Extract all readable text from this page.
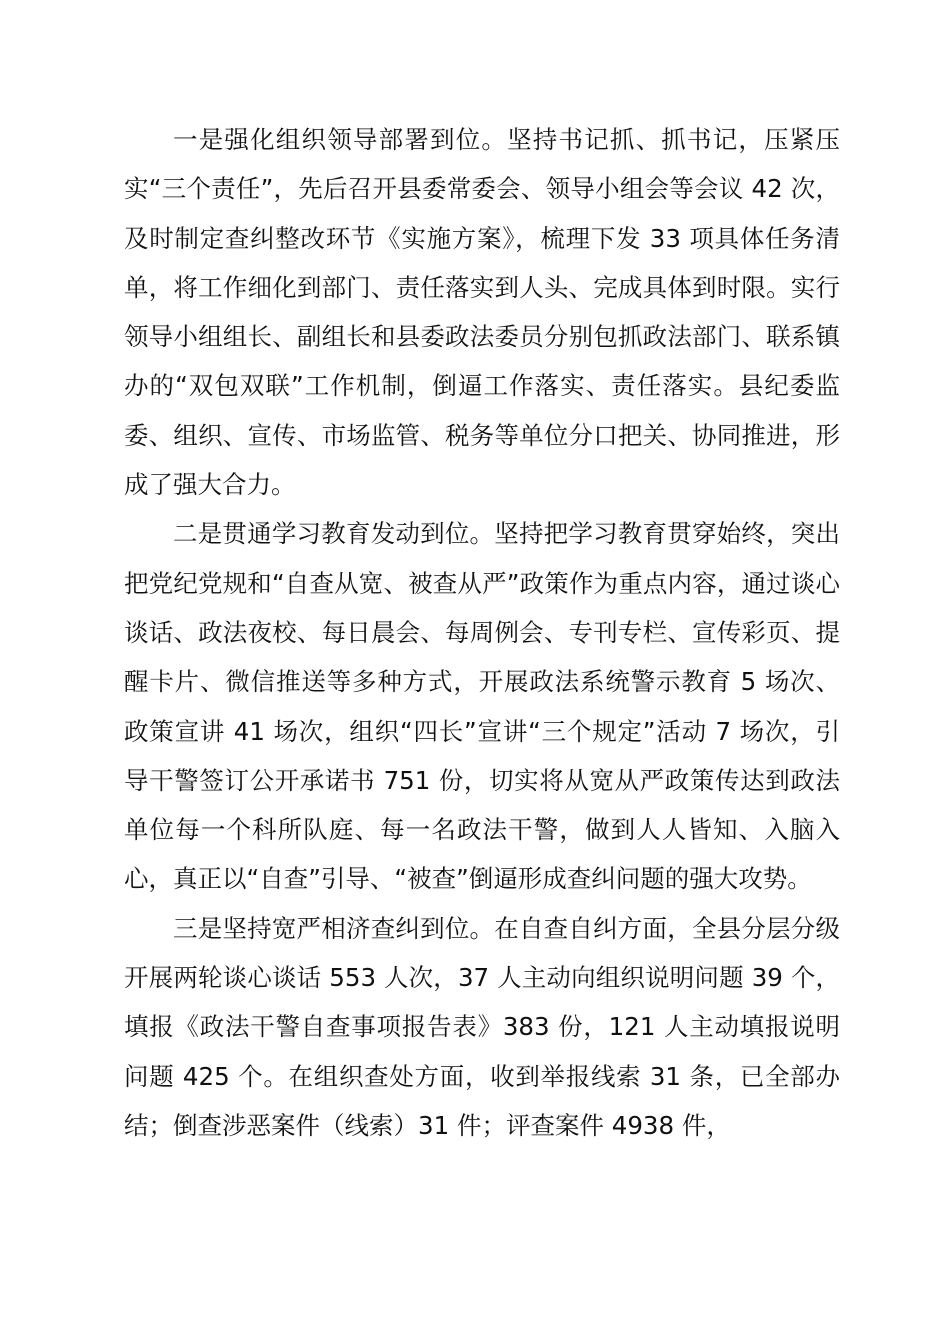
一是强化组织领导部署到位。坚持书记抓、抓书记，压紧压实“三个责任”，先后召开县委常委会、领导小组会等会议 42 次，及时制定查纠整改环节《实施方案》，梳理下发 33 项具体任务清单，将工作细化到部门、责任落实到人头、完成具体到时限。实行领导小组组长、副组长和县委政法委员分别包抓政法部门、联系镇办的“双包双联”工作机制，倒逼工作落实、责任落实。县纪委监委、组织、宣传、市场监管、税务等单位分口把关、协同推进，形成了强大合力。

二是贯通学习教育发动到位。坚持把学习教育贯穿始终，突出把党纪党规和“自查从宽、被查从严”政策作为重点内容，通过谈心谈话、政法夜校、每日晨会、每周例会、专刊专栏、宣传彩页、提醒卡片、微信推送等多种方式，开展政法系统警示教育 5 场次、政策宣讲 41 场次，组织“四长”宣讲“三个规定”活动 7 场次，引导干警签订公开承诺书 751 份，切实将从宽从严政策传达到政法单位每一个科所队庭、每一名政法干警，做到人人皆知、入脑入心，真正以“自查”引导、“被查”倒逼形成查纠问题的强大攻势。

三是坚持宽严相济查纠到位。在自查自纠方面，全县分层分级开展两轮谈心谈话 553 人次，37 人主动向组织说明问题 39 个，填报《政法干警自查事项报告表》383 份，121 人主动填报说明问题 425 个。在组织查处方面，收到举报线索 31 条，已全部办结；倒查涉恶案件（线索）31 件；评查案件 4938 件，
